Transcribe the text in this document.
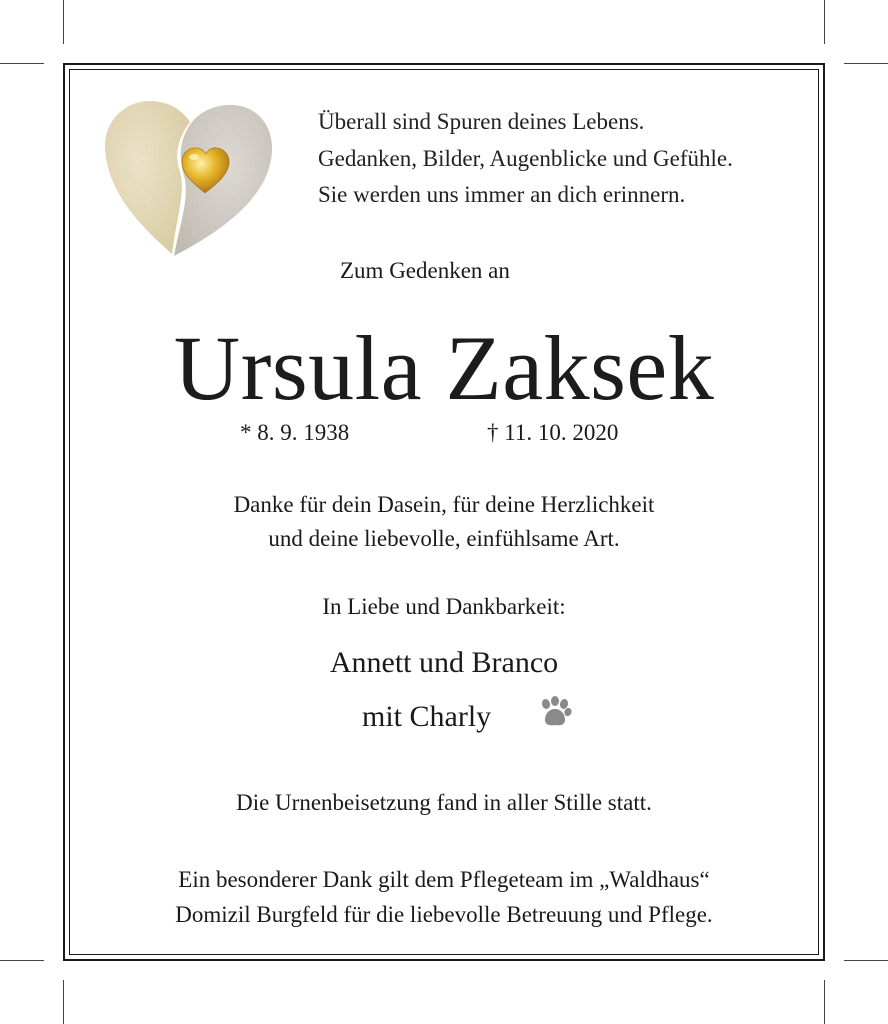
Überall sind Spuren deines Lebens.
Gedanken, Bilder, Augenblicke und Gefühle.
Sie werden uns immer an dich erinnern.
Zum Gedenken an
Ursula Zaksek
* 8. 9. 1938	† 11. 10. 2020
Danke für dein Dasein, für deine Herzlichkeit
und deine liebevolle, einfühlsame Art.
In Liebe und Dankbarkeit:
Annett und Branco
mit Charly
Die Urnenbeisetzung fand in aller Stille statt.
Ein besonderer Dank gilt dem Pflegeteam im „Waldhaus“
Domizil Burgfeld für die liebevolle Betreuung und Pflege.
